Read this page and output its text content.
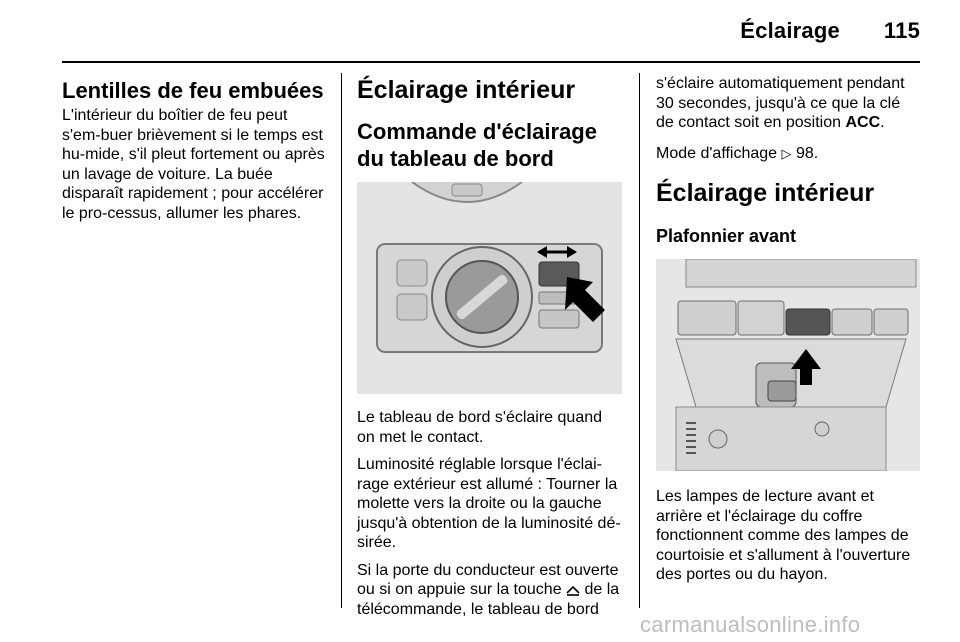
Éclairage 115
Lentilles de feu embuées

L'intérieur du boîtier de feu peut s'em-buer brièvement si le temps est hu-mide, s'il pleut fortement ou après un lavage de voiture. La buée disparaît rapidement ; pour accélérer le pro-cessus, allumer les phares.

Éclairage intérieur
Commande d'éclairage du tableau de bord

Le tableau de bord s'éclaire quand on met le contact.

Luminosité réglable lorsque l'éclai-rage extérieur est allumé : Tourner la molette vers la droite ou la gauche jusqu'à obtention de la luminosité dé-sirée.

Si la porte du conducteur est ouverte ou si on appuie sur la touche de la télécommande, le tableau de bord

s'éclaire automatiquement pendant 30 secondes, jusqu'à ce que la clé de contact soit en position ACC.

Mode d'affichage ▷ 98.

Éclairage intérieur
Plafonnier avant

Les lampes de lecture avant et arrière et l'éclairage du coffre fonctionnent comme des lampes de courtoisie et s'allument à l'ouverture des portes ou du hayon.

carmanualsonline.info
